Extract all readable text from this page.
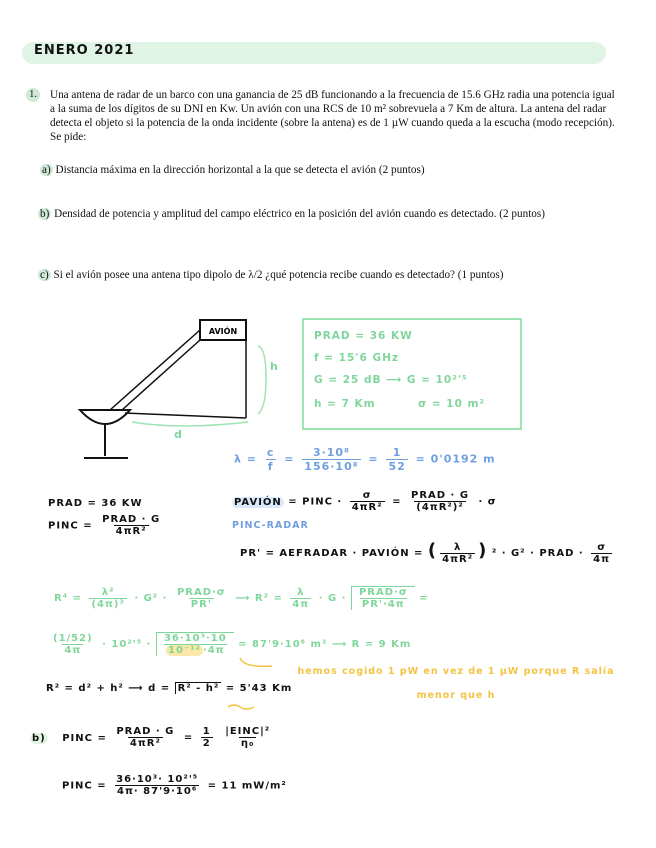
ENERO 2021
1. Una antena de radar de un barco con una ganancia de 25 dB funcionando a la frecuencia de 15.6 GHz radia una potencia igual a la suma de los dígitos de su DNI en Kw. Un avión con una RCS de 10 m² sobrevuela a 7 Km de altura. La antena del radar detecta el objeto si la potencia de la onda incidente (sobre la antena) es de 1 µW cuando queda a la escucha (modo recepción). Se pide:
a) Distancia máxima en la dirección horizontal a la que se detecta el avión (2 puntos)
b) Densidad de potencia y amplitud del campo eléctrico en la posición del avión cuando es detectado. (2 puntos)
c) Si el avión posee una antena tipo dipolo de λ/2 ¿qué potencia recibe cuando es detectado? (1 puntos)
AVIÓN
h
d
PRAD = 36 KW
f = 15'6 GHz
G = 25 dB ⟶ G = 10²'⁵
h = 7 Km	σ = 10 m²
$\lambda = \frac{c}{f} = \frac{\text{3·10⁸}}{\text{156·10⁸}} = \frac{1}{52} = 0'0192$ m
PRAD = 36 KW
PINC = $\frac{\text{PRAD · G}}{\text{4πR²}}$
PAVIÓN = PINC · $\frac{\sigma}{\text{4πR²}} = \frac{\text{PRAD · G}}{\text{(4πR²)²}} \cdot \sigma$
PINC-RADAR
PR' = AEFRADAR · PAVIÓN = ( $\frac{\lambda}{\text{4πR²}}$ ) ² · G² · PRAD · $\frac{\sigma}{4\pi}$
$R^4 = \frac{\text{λ²}}{\text{(4π)³}} \cdot G^2 \cdot \frac{\text{PRAD·σ}}{PR'}$ ⟶ $R^2 = \frac{\lambda}{4\pi} \cdot G \cdot \frac{\text{PRAD·σ}}{PR'\cdot 4\pi}$ =
$\frac{(1/52)}{4\pi} \cdot 10^2'^5 \cdot \frac{\text{36·10³·10}}{\text{10⁻¹² ·4π}} = 87'9\cdot 10^6$ m² ⟶ R = 9 Km
hemos cogido 1 pW en vez de 1 µW porque R salía menor que h
R² = d² + h² ⟶ d = R² - h² = 5'43 Km
b) PINC = $\frac{\text{PRAD · G}}{\text{4πR²}} = \frac{1}{2}$
$\frac{\text{|EINC|²}}{\text{η₀}}$
PINC = $\frac{\text{36·10³· 10²'⁵}}{\text{4π· 87'9·10⁶}} = 11$ mW/m²
